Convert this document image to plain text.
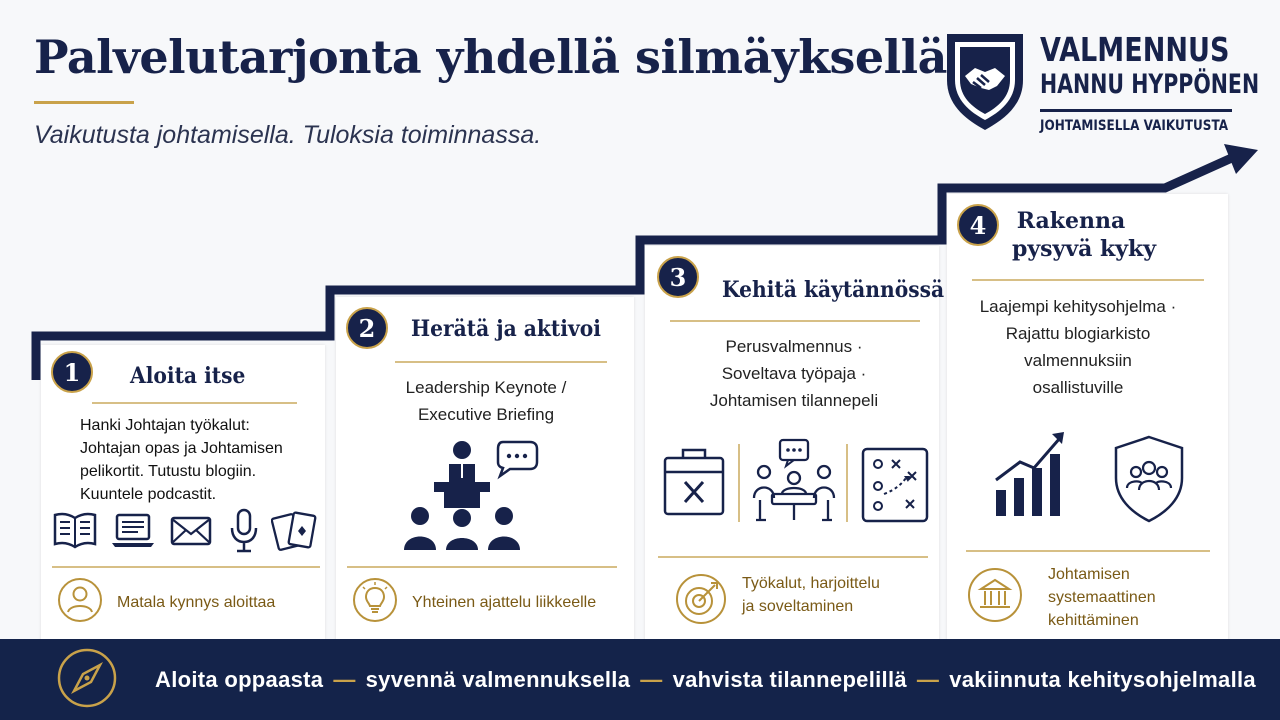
Palvelutarjonta yhdellä silmäyksellä
Vaikutusta johtamisella. Tuloksia toiminnassa.
VALMENNUS
HANNU HYPPÖNEN
JOHTAMISELLA VAIKUTUSTA
1	Aloita itse
Hanki Johtajan työkalut:
Johtajan opas ja Johtamisen
pelikortit. Tutustu blogiin.
Kuuntele podcastit.
Matala kynnys aloittaa
2	Herätä ja aktivoi
Leadership Keynote /
Executive Briefing
Yhteinen ajattelu liikkeelle
3	Kehitä käytännössä
Perusvalmennus ·
Soveltava työpaja ·
Johtamisen tilannepeli
Työkalut, harjoittelu
ja soveltaminen
4	Rakenna
pysyvä kyky
Laajempi kehitysohjelma ·
Rajattu blogiarkisto
valmennuksiin
osallistuville
Johtamisen
systemaattinen
kehittäminen
Aloita oppaasta — syvennä valmennuksella — vahvista tilannepelillä — vakiinnuta kehitysohjelmalla
